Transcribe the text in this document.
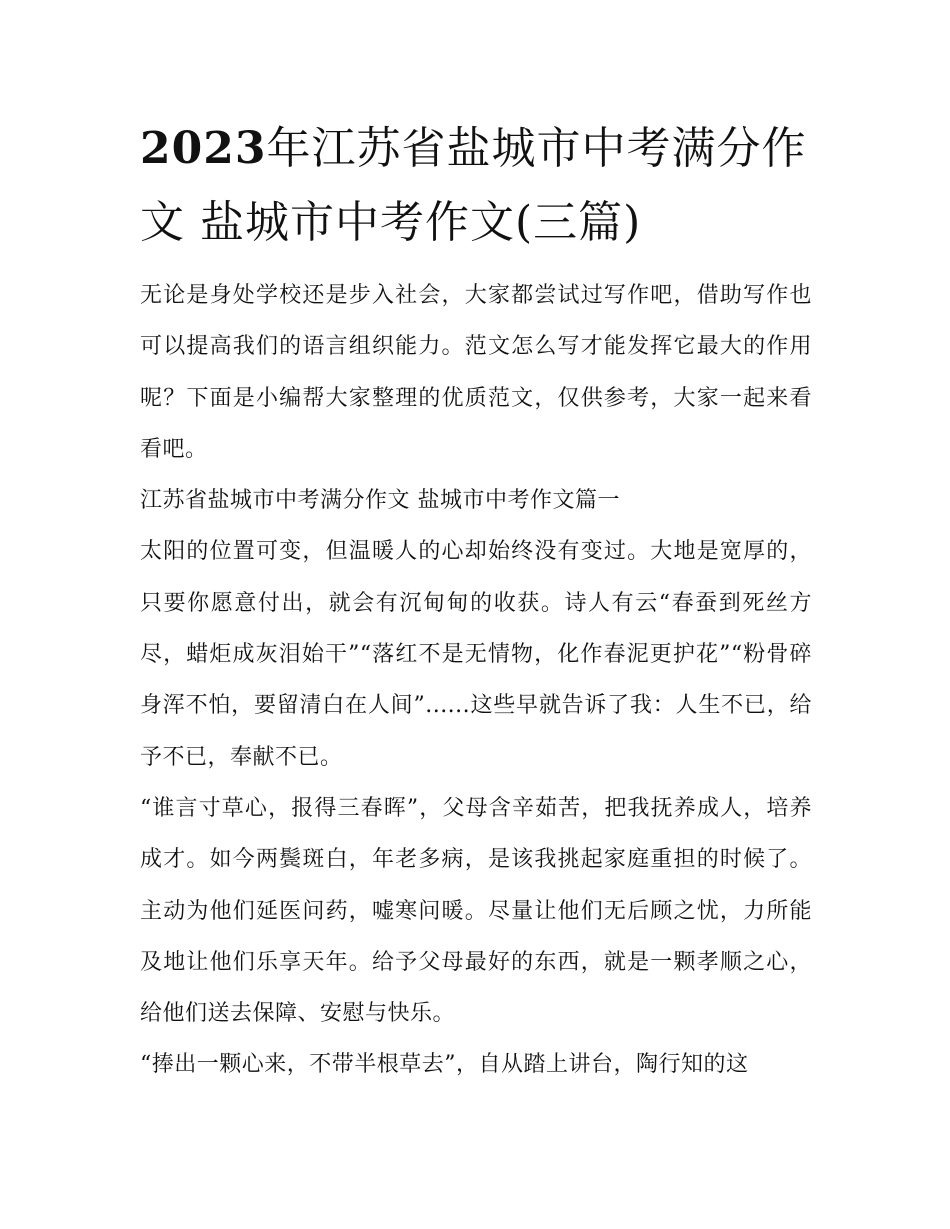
2023年江苏省盐城市中考满分作文 盐城市中考作文(三篇)

无论是身处学校还是步入社会，大家都尝试过写作吧，借助写作也可以提高我们的语言组织能力。范文怎么写才能发挥它最大的作用呢？下面是小编帮大家整理的优质范文，仅供参考，大家一起来看看吧。

江苏省盐城市中考满分作文 盐城市中考作文篇一

太阳的位置可变，但温暖人的心却始终没有变过。大地是宽厚的，只要你愿意付出，就会有沉甸甸的收获。诗人有云“春蚕到死丝方尽，蜡炬成灰泪始干”“落红不是无情物，化作春泥更护花”“粉骨碎身浑不怕，要留清白在人间”......这些早就告诉了我：人生不已，给予不已，奉献不已。

“谁言寸草心，报得三春晖”，父母含辛茹苦，把我抚养成人，培养成才。如今两鬓斑白，年老多病，是该我挑起家庭重担的时候了。主动为他们延医问药，嘘寒问暖。尽量让他们无后顾之忧，力所能及地让他们乐享天年。给予父母最好的东西，就是一颗孝顺之心，给他们送去保障、安慰与快乐。

“捧出一颗心来，不带半根草去”，自从踏上讲台，陶行知的这
